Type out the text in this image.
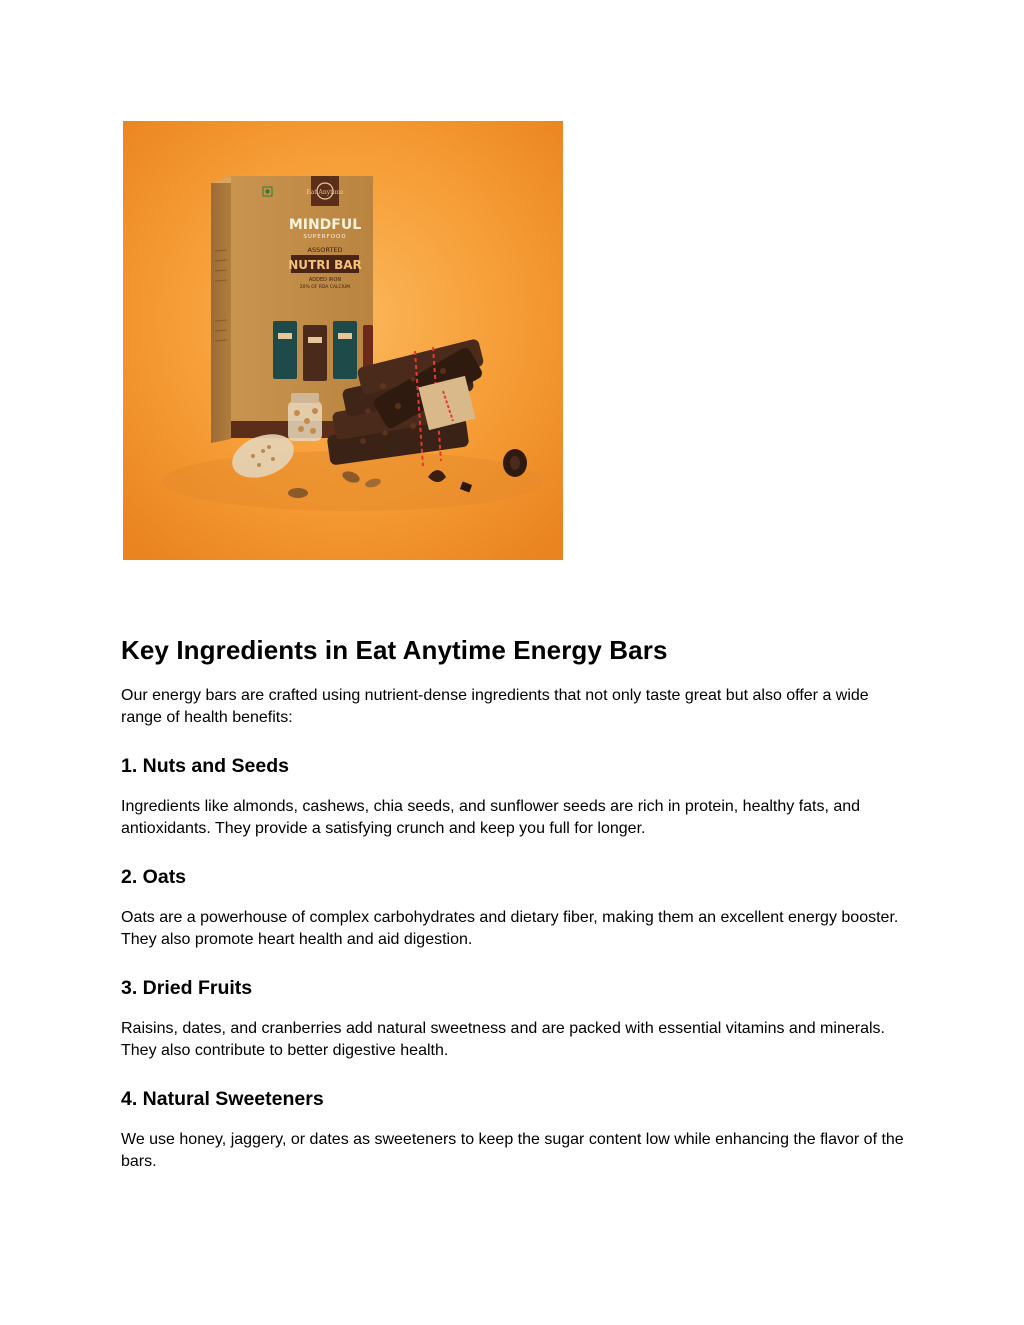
Eat Anytime
MINDFUL
SUPERFOOD
ASSORTED
NUTRI BAR
ADDED IRON
20% OF RDA CALCIUM
Key Ingredients in Eat Anytime Energy Bars

Our energy bars are crafted using nutrient-dense ingredients that not only taste great but also offer a wide range of health benefits:

1. Nuts and Seeds

Ingredients like almonds, cashews, chia seeds, and sunflower seeds are rich in protein, healthy fats, and antioxidants. They provide a satisfying crunch and keep you full for longer.

2. Oats

Oats are a powerhouse of complex carbohydrates and dietary fiber, making them an excellent energy booster. They also promote heart health and aid digestion.

3. Dried Fruits

Raisins, dates, and cranberries add natural sweetness and are packed with essential vitamins and minerals. They also contribute to better digestive health.

4. Natural Sweeteners

We use honey, jaggery, or dates as sweeteners to keep the sugar content low while enhancing the flavor of the bars.
